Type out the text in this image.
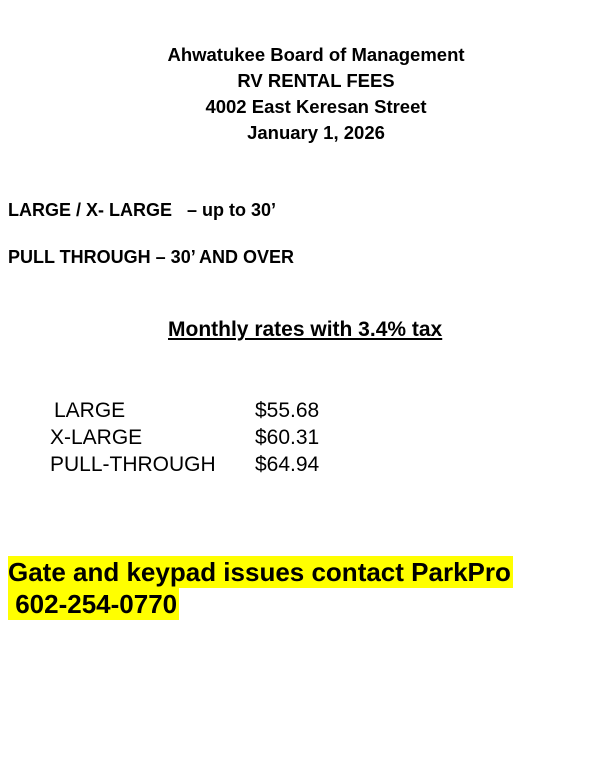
Ahwatukee Board of Management
RV RENTAL FEES
4002 East Keresan Street
January 1, 2026
LARGE / X- LARGE   – up to 30’
PULL THROUGH – 30’ AND OVER
Monthly rates with 3.4% tax
LARGE	$55.68
X-LARGE	$60.31
PULL-THROUGH	$64.94
Gate and keypad issues contact ParkPro
602-254-0770
